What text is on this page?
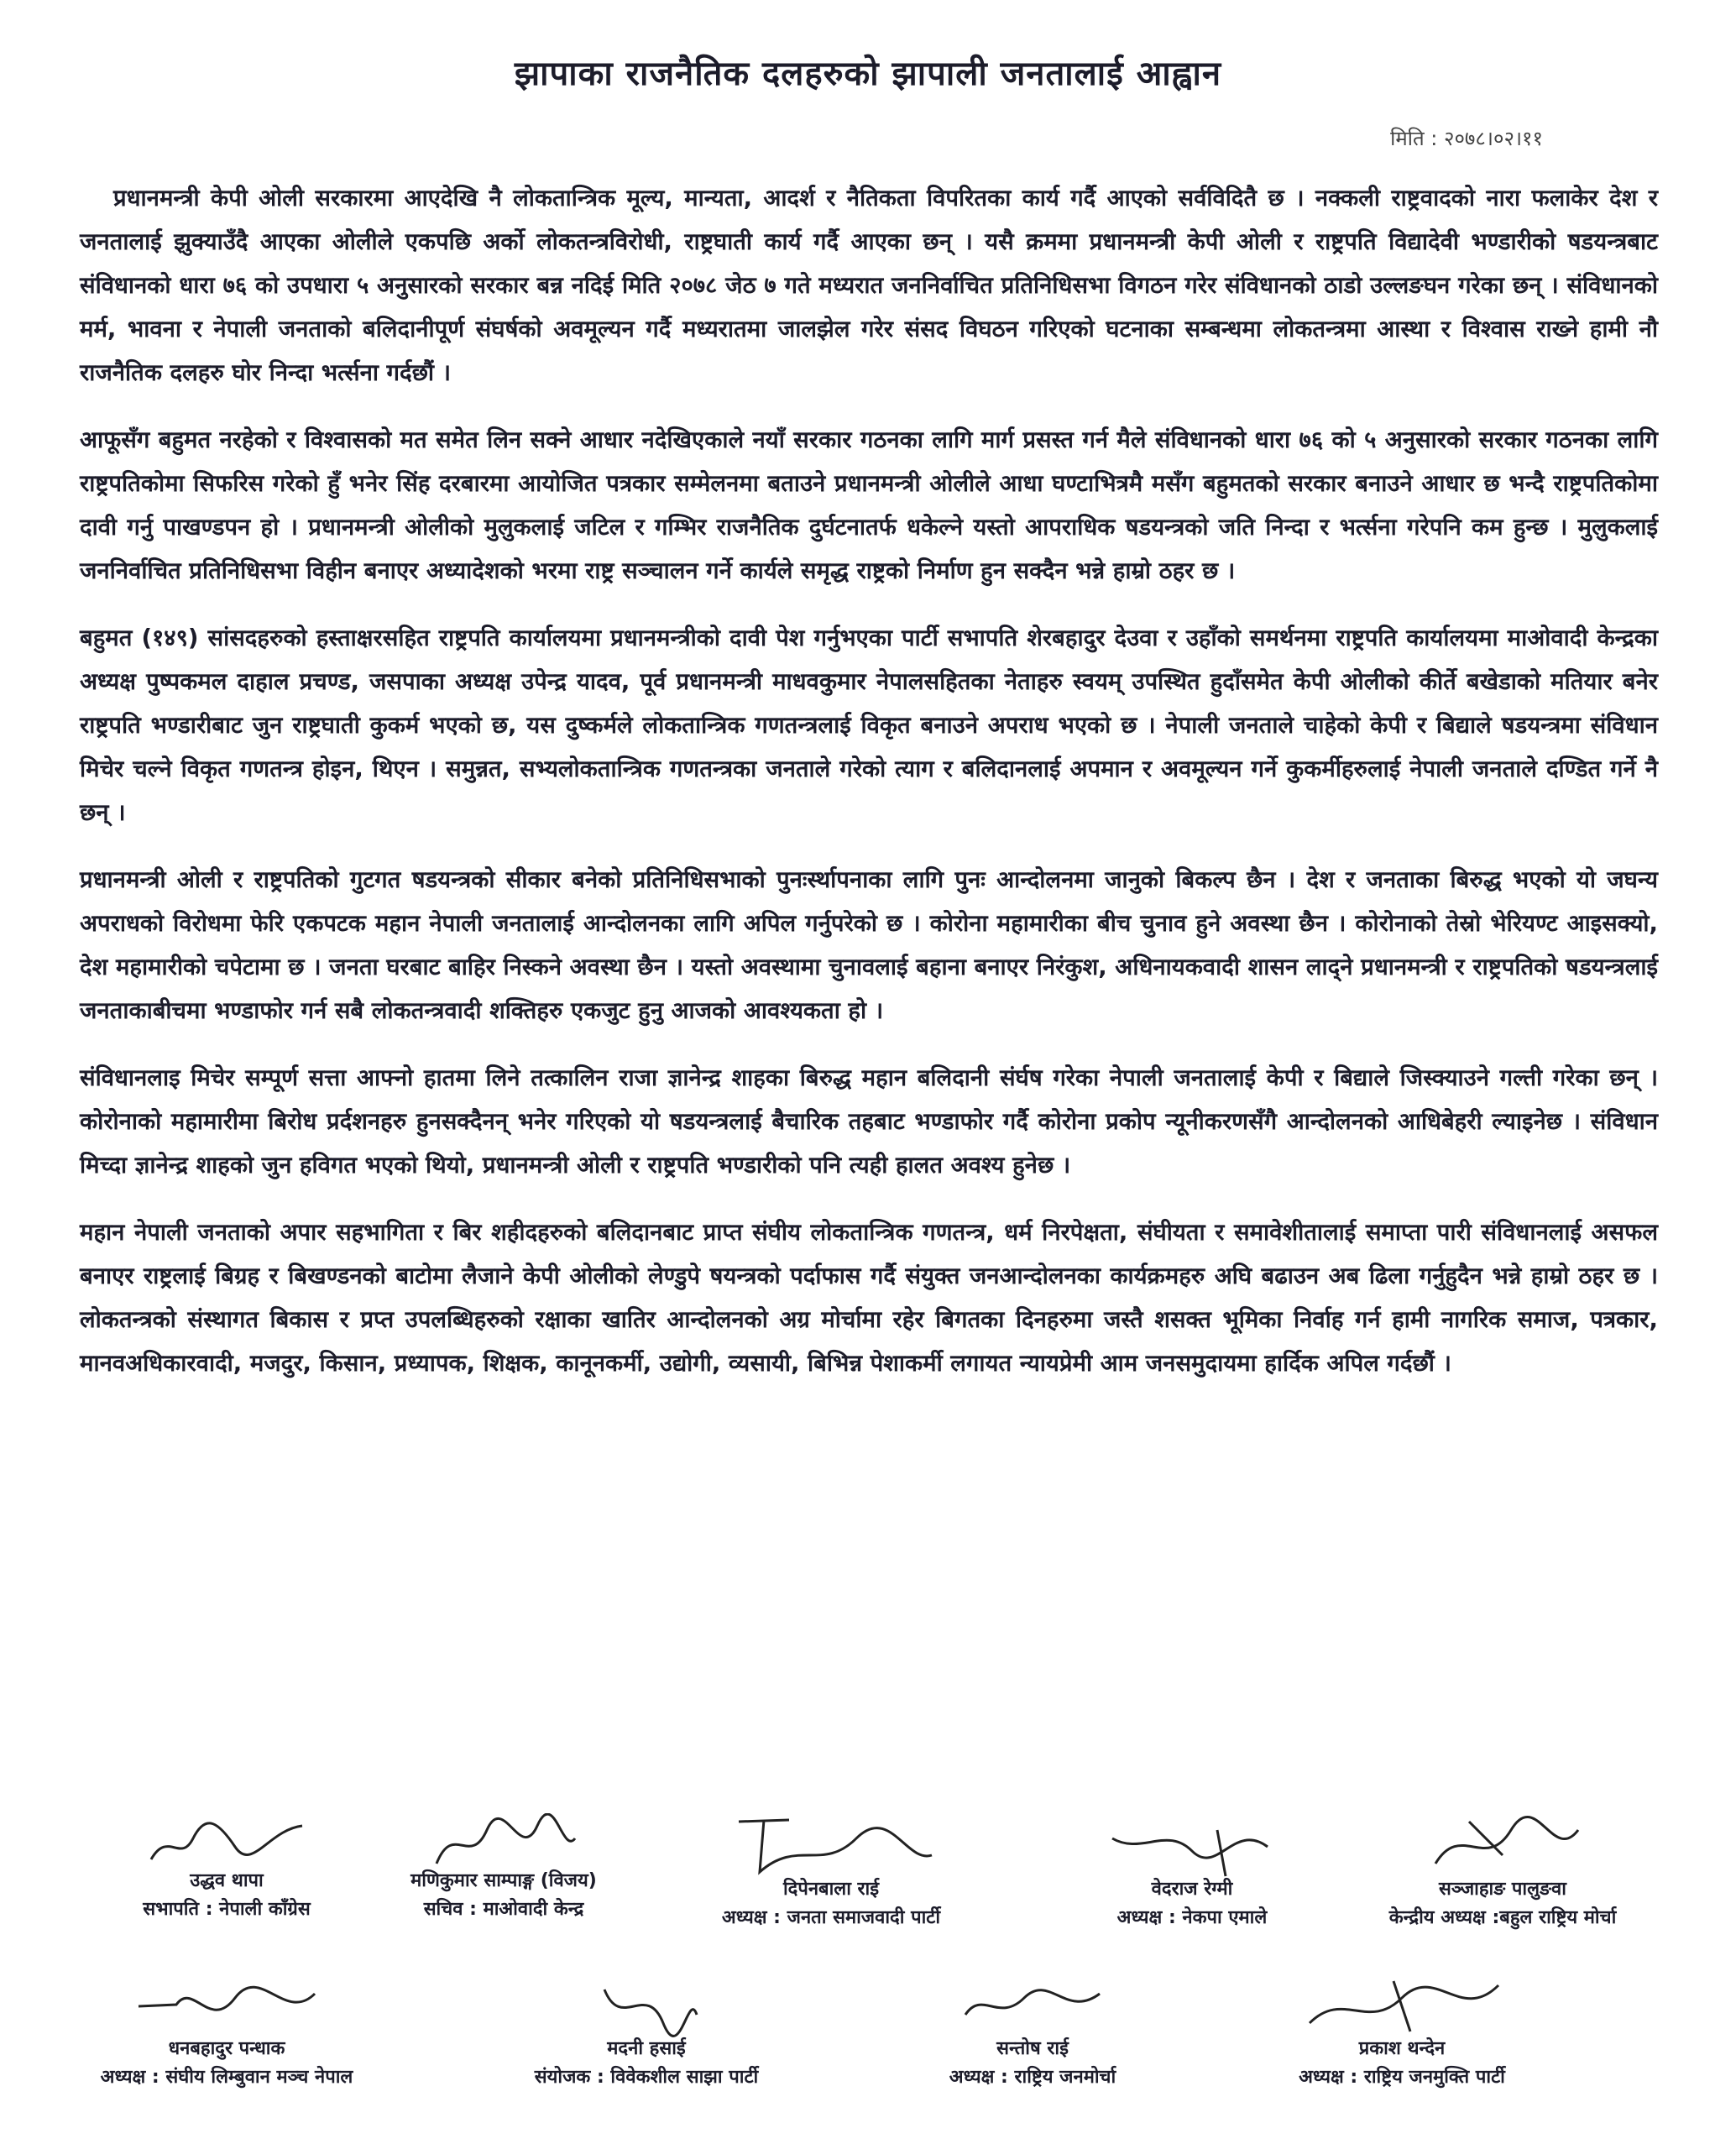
झापाका राजनैतिक दलहरुको झापाली जनतालाई आह्वान
मिति : २०७८।०२।११

प्रधानमन्त्री केपी ओली सरकारमा आएदेखि नै लोकतान्त्रिक मूल्य, मान्यता, आदर्श र नैतिकता विपरितका कार्य गर्दै आएको सर्वविदितै छ । नक्कली राष्ट्रवादको नारा फलाकेर देश र जनतालाई झुक्याउँदै आएका ओलीले एकपछि अर्को लोकतन्त्रविरोधी, राष्ट्रघाती कार्य गर्दै आएका छन् । यसै क्रममा प्रधानमन्त्री केपी ओली र राष्ट्रपति विद्यादेवी भण्डारीको षडयन्त्रबाट संविधानको धारा ७६ को उपधारा ५ अनुसारको सरकार बन्न नदिई मिति २०७८ जेठ ७ गते मध्यरात जननिर्वाचित प्रतिनिधिसभा विगठन गरेर संविधानको ठाडो उल्लङघन गरेका छन् । संविधानको मर्म, भावना र नेपाली जनताको बलिदानीपूर्ण संघर्षको अवमूल्यन गर्दै मध्यरातमा जालझेल गरेर संसद विघठन गरिएको घटनाका सम्बन्धमा लोकतन्त्रमा आस्था र विश्वास राख्ने हामी नौ राजनैतिक दलहरु घोर निन्दा भर्त्सना गर्दछौं ।

आफूसँग बहुमत नरहेको र विश्वासको मत समेत लिन सक्ने आधार नदेखिएकाले नयाँ सरकार गठनका लागि मार्ग प्रसस्त गर्न मैले संविधानको धारा ७६ को ५ अनुसारको सरकार गठनका लागि राष्ट्रपतिकोमा सिफरिस गरेको हुँ भनेर सिंह दरबारमा आयोजित पत्रकार सम्मेलनमा बताउने प्रधानमन्त्री ओलीले आधा घण्टाभित्रमै मसँग बहुमतको सरकार बनाउने आधार छ भन्दै राष्ट्रपतिकोमा दावी गर्नु पाखण्डपन हो । प्रधानमन्त्री ओलीको मुलुकलाई जटिल र गम्भिर राजनैतिक दुर्घटनातर्फ धकेल्ने यस्तो आपराधिक षडयन्त्रको जति निन्दा र भर्त्सना गरेपनि कम हुन्छ । मुलुकलाई जननिर्वाचित प्रतिनिधिसभा विहीन बनाएर अध्यादेशको भरमा राष्ट्र सञ्चालन गर्ने कार्यले समृद्ध राष्ट्रको निर्माण हुन सक्दैन भन्ने हाम्रो ठहर छ ।

बहुमत (१४९) सांसदहरुको हस्ताक्षरसहित राष्ट्रपति कार्यालयमा प्रधानमन्त्रीको दावी पेश गर्नुभएका पार्टी सभापति शेरबहादुर देउवा र उहाँको समर्थनमा राष्ट्रपति कार्यालयमा माओवादी केन्द्रका अध्यक्ष पुष्पकमल दाहाल प्रचण्ड, जसपाका अध्यक्ष उपेन्द्र यादव, पूर्व प्रधानमन्त्री माधवकुमार नेपालसहितका नेताहरु स्वयम् उपस्थित हुदाँसमेत केपी ओलीको कीर्ते बखेडाको मतियार बनेर राष्ट्रपति भण्डारीबाट जुन राष्ट्रघाती कुकर्म भएको छ, यस दुष्कर्मले लोकतान्त्रिक गणतन्त्रलाई विकृत बनाउने अपराध भएको छ । नेपाली जनताले चाहेको केपी र बिद्याले षडयन्त्रमा संविधान मिचेर चल्ने विकृत गणतन्त्र होइन, थिएन । समुन्नत, सभ्यलोकतान्त्रिक गणतन्त्रका जनताले गरेको त्याग र बलिदानलाई अपमान र अवमूल्यन गर्ने कुकर्मीहरुलाई नेपाली जनताले दण्डित गर्ने नै छन् ।

प्रधानमन्त्री ओली र राष्ट्रपतिको गुटगत षडयन्त्रको सीकार बनेको प्रतिनिधिसभाको पुनःर्स्थापनाका लागि पुनः आन्दोलनमा जानुको बिकल्प छैन । देश र जनताका बिरुद्ध भएको यो जघन्य अपराधको विरोधमा फेरि एकपटक महान नेपाली जनतालाई आन्दोलनका लागि अपिल गर्नुपरेको छ । कोरोना महामारीका बीच चुनाव हुने अवस्था छैन । कोरोनाको तेस्रो भेरियण्ट आइसक्यो, देश महामारीको चपेटामा छ । जनता घरबाट बाहिर निस्कने अवस्था छैन । यस्तो अवस्थामा चुनावलाई बहाना बनाएर निरंकुश, अधिनायकवादी शासन लाद्ने प्रधानमन्त्री र राष्ट्रपतिको षडयन्त्रलाई जनताकाबीचमा भण्डाफोर गर्न सबै लोकतन्त्रवादी शक्तिहरु एकजुट हुनु आजको आवश्यकता हो ।

संविधानलाइ मिचेर सम्पूर्ण सत्ता आफ्नो हातमा लिने तत्कालिन राजा ज्ञानेन्द्र शाहका बिरुद्ध महान बलिदानी संर्घष गरेका नेपाली जनतालाई केपी र बिद्याले जिस्क्याउने गल्ती गरेका छन् । कोरोनाको महामारीमा बिरोध प्रर्दशनहरु हुनसक्दैनन् भनेर गरिएको यो षडयन्त्रलाई बैचारिक तहबाट भण्डाफोर गर्दै कोरोना प्रकोप न्यूनीकरणसँगै आन्दोलनको आधिबेहरी ल्याइनेछ । संविधान मिच्दा ज्ञानेन्द्र शाहको जुन हविगत भएको थियो, प्रधानमन्त्री ओली र राष्ट्रपति भण्डारीको पनि त्यही हालत अवश्य हुनेछ ।

महान नेपाली जनताको अपार सहभागिता र बिर शहीदहरुको बलिदानबाट प्राप्त संघीय लोकतान्त्रिक गणतन्त्र, धर्म निरपेक्षता, संघीयता र समावेशीतालाई समाप्ता पारी संविधानलाई असफल बनाएर राष्ट्रलाई बिग्रह र बिखण्डनको बाटोमा लैजाने केपी ओलीको लेण्डुपे षयन्त्रको पर्दाफास गर्दै संयुक्त जनआन्दोलनका कार्यक्रमहरु अघि बढाउन अब ढिला गर्नुहुदैन भन्ने हाम्रो ठहर छ । लोकतन्त्रको संस्थागत बिकास र प्रप्त उपलब्धिहरुको रक्षाका खातिर आन्दोलनको अग्र मोर्चामा रहेर बिगतका दिनहरुमा जस्तै शसक्त भूमिका निर्वाह गर्न हामी नागरिक समाज, पत्रकार, मानवअधिकारवादी, मजदुर, किसान, प्रध्यापक, शिक्षक, कानूनकर्मी, उद्योगी, व्यसायी, बिभिन्न पेशाकर्मी लगायत न्यायप्रेमी आम जनसमुदायमा हार्दिक अपिल गर्दछौं ।

उद्धव थापा
सभापति : नेपाली काँग्रेस
मणिकुमार साम्पाङ्ग (विजय)
सचिव : माओवादी केन्द्र
दिपेनबाला राई
अध्यक्ष : जनता समाजवादी पार्टी
वेदराज रेग्मी
अध्यक्ष : नेकपा एमाले
सञ्जाहाङ पालुङवा
केन्द्रीय अध्यक्ष :बहुल राष्ट्रिय मोर्चा
धनबहादुर पन्धाक
अध्यक्ष : संघीय लिम्बुवान मञ्च नेपाल
मदनी हसाई
संयोजक : विवेकशील साझा पार्टी
सन्तोष राई
अध्यक्ष : राष्ट्रिय जनमोर्चा
प्रकाश थन्देन
अध्यक्ष : राष्ट्रिय जनमुक्ति पार्टी
